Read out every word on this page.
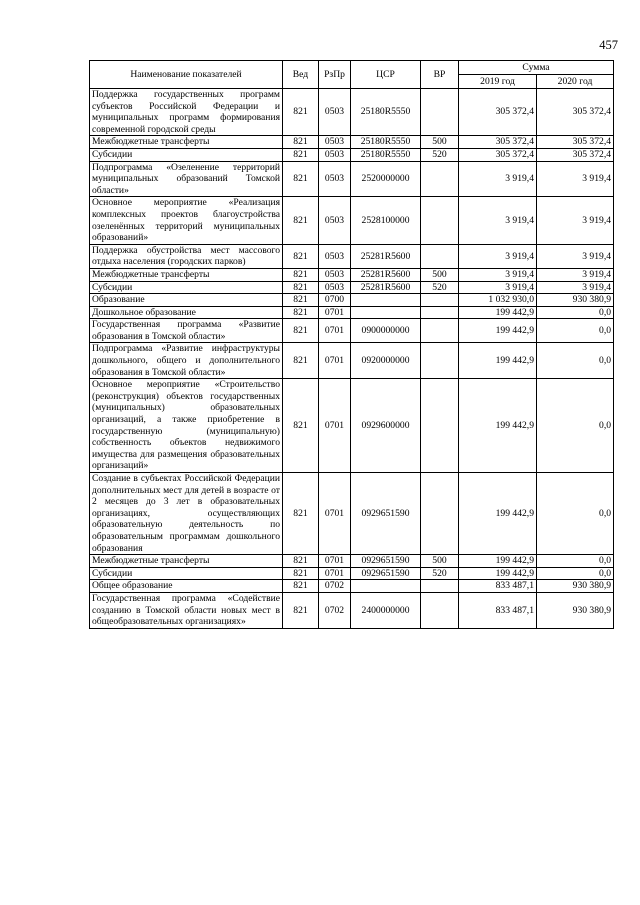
457
Наименование показателей	Вед	РзПр	ЦСР	ВР	Сумма	
					2019 год	2020 год
Поддержка государственных программ субъектов Российской Федерации и муниципальных программ формирования современной городской среды	821	0503	25180R5550		305 372,4	305 372,4
Межбюджетные трансферты	821	0503	25180R5550	500	305 372,4	305 372,4
Субсидии	821	0503	25180R5550	520	305 372,4	305 372,4
Подпрограмма «Озеленение территорий муниципальных образований Томской области»	821	0503	2520000000		3 919,4	3 919,4
Основное мероприятие «Реализация комплексных проектов благоустройства озеленённых территорий муниципальных образований»	821	0503	2528100000		3 919,4	3 919,4
Поддержка обустройства мест массового отдыха населения (городских парков)	821	0503	25281R5600		3 919,4	3 919,4
Межбюджетные трансферты	821	0503	25281R5600	500	3 919,4	3 919,4
Субсидии	821	0503	25281R5600	520	3 919,4	3 919,4
Образование	821	0700			1 032 930,0	930 380,9
Дошкольное образование	821	0701			199 442,9	0,0
Государственная программа «Развитие образования в Томской области»	821	0701	0900000000		199 442,9	0,0
Подпрограмма «Развитие инфраструктуры дошкольного, общего и дополнительного образования в Томской области»	821	0701	0920000000		199 442,9	0,0
Основное мероприятие «Строительство (реконструкция) объектов государственных (муниципальных) образовательных организаций, а также приобретение в государственную (муниципальную) собственность объектов недвижимого имущества для размещения образовательных организаций»	821	0701	0929600000		199 442,9	0,0
Создание в субъектах Российской Федерации дополнительных мест для детей в возрасте от 2 месяцев до 3 лет в образовательных организациях, осуществляющих образовательную деятельность по образовательным программам дошкольного образования	821	0701	0929651590		199 442,9	0,0
Межбюджетные трансферты	821	0701	0929651590	500	199 442,9	0,0
Субсидии	821	0701	0929651590	520	199 442,9	0,0
Общее образование	821	0702			833 487,1	930 380,9
Государственная программа «Содействие созданию в Томской области новых мест в общеобразовательных организациях»	821	0702	2400000000		833 487,1	930 380,9
